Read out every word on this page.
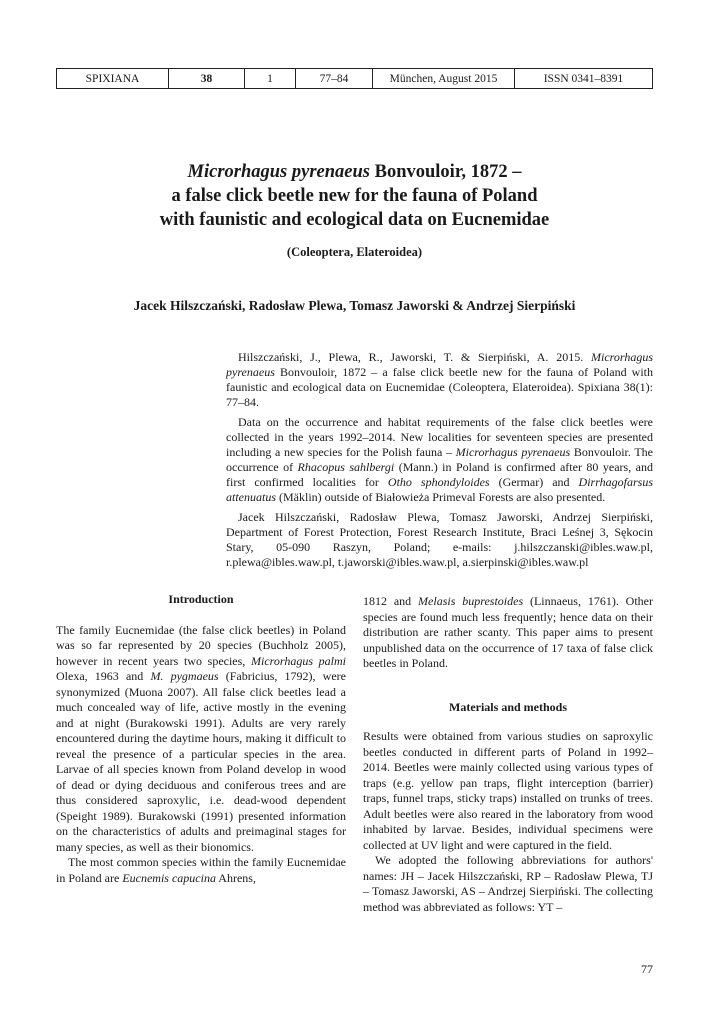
SPIXIANA	38	1	77–84	München, August 2015	ISSN 0341–8391
Microrhagus pyrenaeus Bonvouloir, 1872 –
a false click beetle new for the fauna of Poland
with faunistic and ecological data on Eucnemidae
(Coleoptera, Elateroidea)
Jacek Hilszczański, Radosław Plewa, Tomasz Jaworski & Andrzej Sierpiński

Hilszczański, J., Plewa, R., Jaworski, T. & Sierpiński, A. 2015. Microrhagus pyrenaeus Bonvouloir, 1872 – a false click beetle new for the fauna of Poland with faunistic and ecological data on Eucnemidae (Coleoptera, Elateroidea). Spixiana 38(1): 77–84.

Data on the occurrence and habitat requirements of the false click beetles were collected in the years 1992–2014. New localities for seventeen species are presented including a new species for the Polish fauna – Microrhagus pyrenaeus Bonvouloir. The occurrence of Rhacopus sahlbergi (Mann.) in Poland is confirmed after 80 years, and first confirmed localities for Otho sphondyloides (Germar) and Dirrhagofarsus attenuatus (Mäklin) outside of Białowieża Primeval Forests are also presented.

Jacek Hilszczański, Radosław Plewa, Tomasz Jaworski, Andrzej Sierpiński, Department of Forest Protection, Forest Research Institute, Braci Leśnej 3, Sękocin Stary, 05-090 Raszyn, Poland; e-mails: j.hilszczanski@ibles.waw.pl, r.plewa@ibles.waw.pl, t.jaworski@ibles.waw.pl, a.sierpinski@ibles.waw.pl

Introduction

The family Eucnemidae (the false click beetles) in Poland was so far represented by 20 species (Buchholz 2005), however in recent years two species, Microrhagus palmi Olexa, 1963 and M. pygmaeus (Fabricius, 1792), were synonymized (Muona 2007). All false click beetles lead a much concealed way of life, active mostly in the evening and at night (Burakowski 1991). Adults are very rarely encountered during the daytime hours, making it difficult to reveal the presence of a particular species in the area. Larvae of all species known from Poland develop in wood of dead or dying deciduous and coniferous trees and are thus considered saproxylic, i.e. dead-wood dependent (Speight 1989). Burakowski (1991) presented information on the characteristics of adults and preimaginal stages for many species, as well as their bionomics.

The most common species within the family Eucnemidae in Poland are Eucnemis capucina Ahrens,

1812 and Melasis buprestoides (Linnaeus, 1761). Other species are found much less frequently; hence data on their distribution are rather scanty. This paper aims to present unpublished data on the occurrence of 17 taxa of false click beetles in Poland.

Materials and methods

Results were obtained from various studies on saproxylic beetles conducted in different parts of Poland in 1992–2014. Beetles were mainly collected using various types of traps (e.g. yellow pan traps, flight interception (barrier) traps, funnel traps, sticky traps) installed on trunks of trees. Adult beetles were also reared in the laboratory from wood inhabited by larvae. Besides, individual specimens were collected at UV light and were captured in the field.

We adopted the following abbreviations for authors' names: JH – Jacek Hilszczański, RP – Radosław Plewa, TJ – Tomasz Jaworski, AS – Andrzej Sierpiński. The collecting method was abbreviated as follows: YT –

77
